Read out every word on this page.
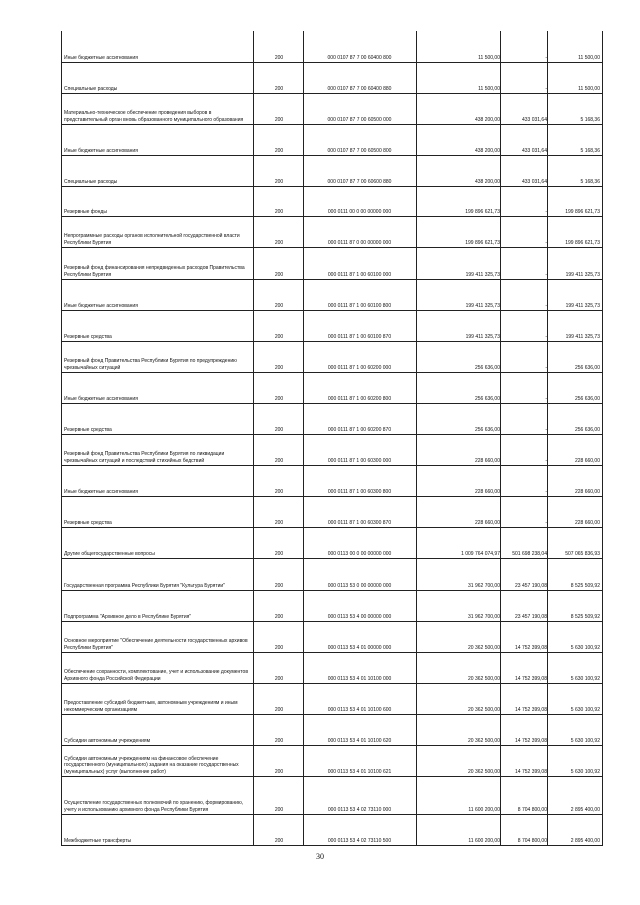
Иные бюджетные ассигнования	200	000 0107 87 7 00 60400 800	11 500,00	-	11 500,00
Специальные расходы	200	000 0107 87 7 00 60400 880	11 500,00	-	11 500,00
Материально-техническое обеспечение проведения выборов в представительный орган вновь образованного муниципального образования	200	000 0107 87 7 00 60500 000	438 200,00	433 031,64	5 168,36
Иные бюджетные ассигнования	200	000 0107 87 7 00 60500 800	438 200,00	433 031,64	5 168,36
Специальные расходы	200	000 0107 87 7 00 60600 880	438 200,00	433 031,64	5 168,36
Резервные фонды	200	000 0111 00 0 00 00000 000	199 896 621,73	-	199 896 621,73
Непрограммные расходы органов исполнительной государственной власти Республики Бурятия	200	000 0111 87 0 00 00000 000	199 896 621,73	-	199 896 621,73
Резервный фонд финансирования непредвиденных расходов Правительства Республики Бурятия	200	000 0111 87 1 00 60100 000	199 411 325,73	-	199 411 325,73
Иные бюджетные ассигнования	200	000 0111 87 1 00 60100 800	199 411 325,73	-	199 411 325,73
Резервные средства	200	000 0111 87 1 00 60100 870	199 411 325,73	-	199 411 325,73
Резервный фонд Правительства Республики Бурятия по предупреждению чрезвычайных ситуаций	200	000 0111 87 1 00 60200 000	256 636,00	-	256 636,00
Иные бюджетные ассигнования	200	000 0111 87 1 00 60200 800	256 636,00	-	256 636,00
Резервные средства	200	000 0111 87 1 00 60200 870	256 636,00	-	256 636,00
Резервный фонд Правительства Республики Бурятия по ликвидации чрезвычайных ситуаций и последствий стихийных бедствий	200	000 0111 87 1 00 60300 000	228 660,00	-	228 660,00
Иные бюджетные ассигнования	200	000 0111 87 1 00 60300 800	228 660,00	-	228 660,00
Резервные средства	200	000 0111 87 1 00 60300 870	228 660,00	-	228 660,00
Другие общегосударственные вопросы	200	000 0113 00 0 00 00000 000	1 009 764 074,97	501 698 238,04	507 065 836,93
Государственная программа Республики Бурятия "Культура Бурятии"	200	000 0113 53 0 00 00000 000	31 962 700,00	23 457 190,08	8 525 509,92
Подпрограмма "Архивное дело в Республике Бурятия"	200	000 0113 53 4 00 00000 000	31 962 700,00	23 457 190,08	8 525 509,92
Основное мероприятие "Обеспечение деятельности государственных архивов Республики Бурятия"	200	000 0113 53 4 01 00000 000	20 362 500,00	14 752 399,08	5 630 100,92
Обеспечение сохранности, комплектование, учет и использование документов Архивного фонда Российской Федерации	200	000 0113 53 4 01 10100 000	20 362 500,00	14 752 399,08	5 630 100,92
Предоставление субсидий бюджетным, автономным учреждениям и иным некоммерческим организациям	200	000 0113 53 4 01 10100 600	20 362 500,00	14 752 399,08	5 630 100,92
Субсидии автономным учреждениям	200	000 0113 53 4 01 10100 620	20 362 500,00	14 752 399,08	5 630 100,92
Субсидии автономным учреждениям на финансовое обеспечение государственного (муниципального) задания на оказание государственных (муниципальных) услуг (выполнение работ)	200	000 0113 53 4 01 10100 621	20 362 500,00	14 752 399,08	5 630 100,92
Осуществление государственных полномочий по хранению, формированию, учету и использованию архивного фонда Республики Бурятия	200	000 0113 53 4 02 73110 000	11 600 200,00	8 704 800,00	2 895 400,00
Межбюджетные трансферты	200	000 0113 53 4 02 73110 500	11 600 200,00	8 704 800,00	2 895 400,00
30
